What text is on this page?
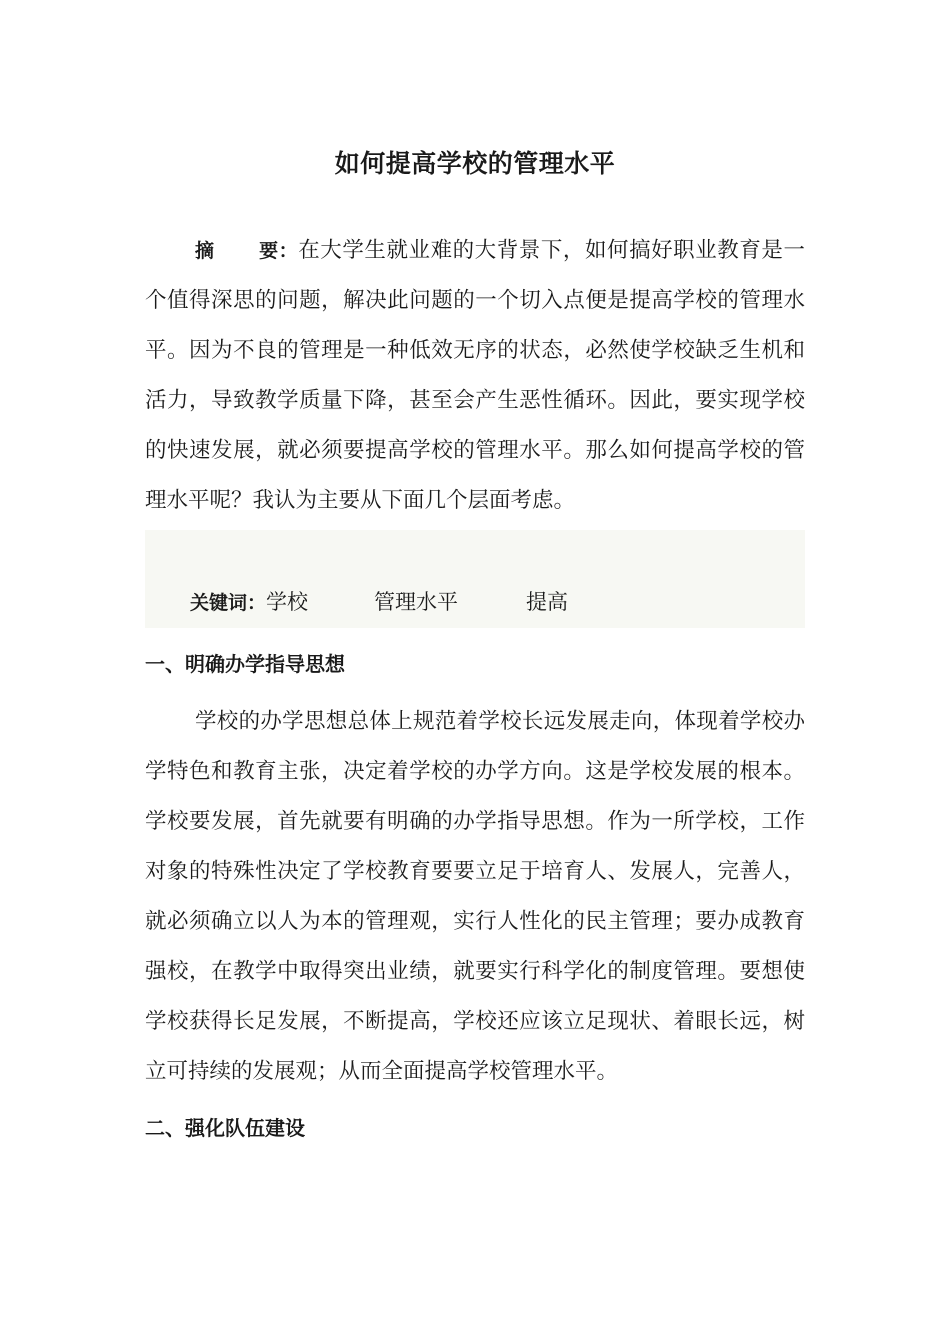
如何提高学校的管理水平
摘 要：在大学生就业难的大背景下，如何搞好职业教育是一个值得深思的问题，解决此问题的一个切入点便是提高学校的管理水平。因为不良的管理是一种低效无序的状态，必然使学校缺乏生机和活力，导致教学质量下降，甚至会产生恶性循环。因此，要实现学校的快速发展，就必须要提高学校的管理水平。那么如何提高学校的管理水平呢？我认为主要从下面几个层面考虑。
关键词：学校	管理水平	提高
一、明确办学指导思想
学校的办学思想总体上规范着学校长远发展走向，体现着学校办学特色和教育主张，决定着学校的办学方向。这是学校发展的根本。学校要发展，首先就要有明确的办学指导思想。作为一所学校，工作对象的特殊性决定了学校教育要要立足于培育人、发展人，完善人，就必须确立以人为本的管理观，实行人性化的民主管理；要办成教育强校，在教学中取得突出业绩，就要实行科学化的制度管理。要想使学校获得长足发展，不断提高，学校还应该立足现状、着眼长远，树立可持续的发展观；从而全面提高学校管理水平。
二、强化队伍建设
